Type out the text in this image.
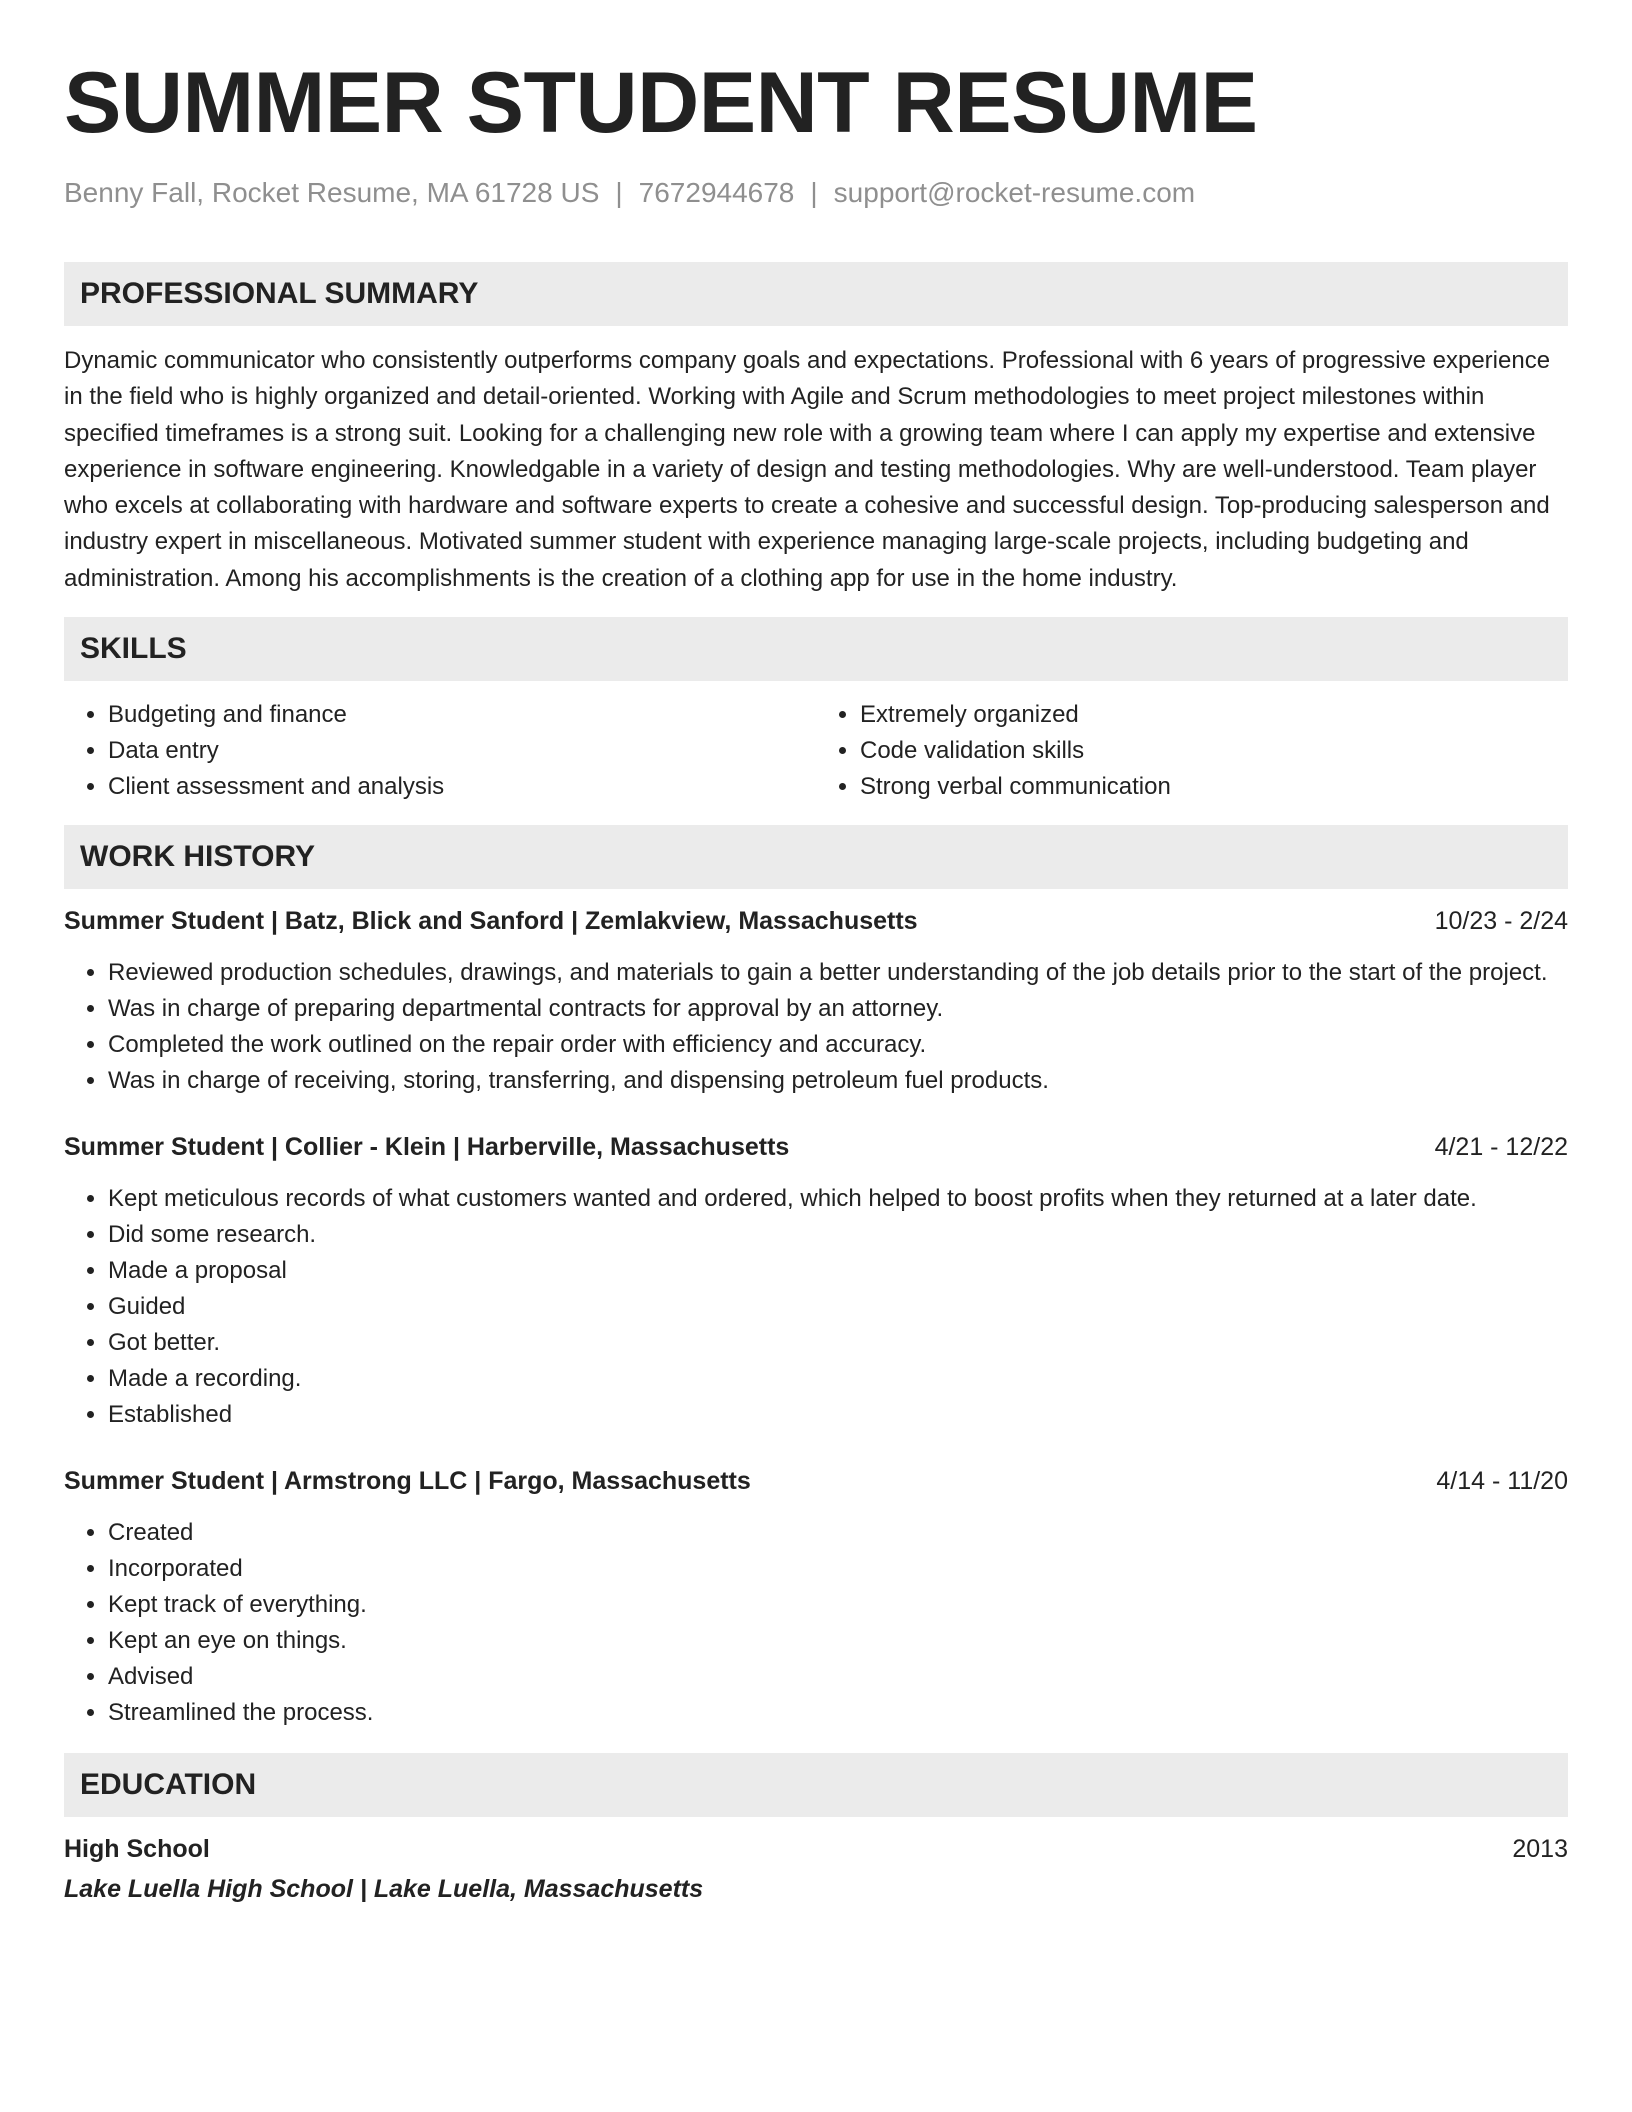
SUMMER STUDENT RESUME
Benny Fall, Rocket Resume, MA 61728 US | 7672944678 | support@rocket-resume.com
PROFESSIONAL SUMMARY

Dynamic communicator who consistently outperforms company goals and expectations. Professional with 6 years of progressive experience in the field who is highly organized and detail-oriented. Working with Agile and Scrum methodologies to meet project milestones within specified timeframes is a strong suit. Looking for a challenging new role with a growing team where I can apply my expertise and extensive experience in software engineering. Knowledgable in a variety of design and testing methodologies. Why are well-understood. Team player who excels at collaborating with hardware and software experts to create a cohesive and successful design. Top-producing salesperson and industry expert in miscellaneous. Motivated summer student with experience managing large-scale projects, including budgeting and administration. Among his accomplishments is the creation of a clothing app for use in the home industry.

SKILLS
• Budgeting and finance
• Data entry
• Client assessment and analysis
• Extremely organized
• Code validation skills
• Strong verbal communication
WORK HISTORY
Summer Student | Batz, Blick and Sanford | Zemlakview, Massachusetts	10/23 - 2/24
• Reviewed production schedules, drawings, and materials to gain a better understanding of the job details prior to the start of the project.
• Was in charge of preparing departmental contracts for approval by an attorney.
• Completed the work outlined on the repair order with efficiency and accuracy.
• Was in charge of receiving, storing, transferring, and dispensing petroleum fuel products.
Summer Student | Collier - Klein | Harberville, Massachusetts	4/21 - 12/22
• Kept meticulous records of what customers wanted and ordered, which helped to boost profits when they returned at a later date.
• Did some research.
• Made a proposal
• Guided
• Got better.
• Made a recording.
• Established
Summer Student | Armstrong LLC | Fargo, Massachusetts	4/14 - 11/20
• Created
• Incorporated
• Kept track of everything.
• Kept an eye on things.
• Advised
• Streamlined the process.
EDUCATION
High School	2013
Lake Luella High School | Lake Luella, Massachusetts
